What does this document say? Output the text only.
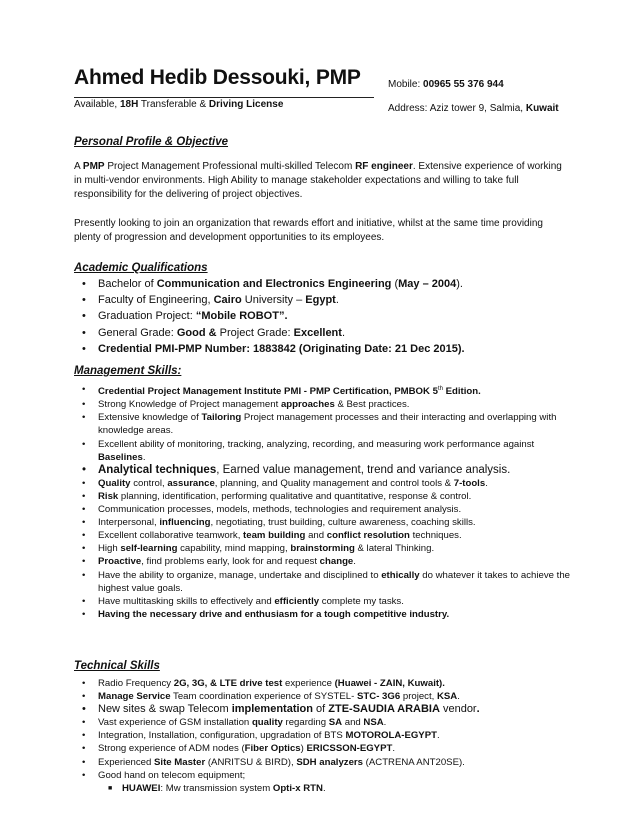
Ahmed Hedib Dessouki, PMP
Available, 18H Transferable & Driving License
Mobile: 00965 55 376 944
Address: Aziz tower 9, Salmia, Kuwait
Personal Profile & Objective

A PMP Project Management Professional multi-skilled Telecom RF engineer. Extensive experience of working in multi-vendor environments. High Ability to manage stakeholder expectations and willing to take full responsibility for the delivering of project objectives.

Presently looking to join an organization that rewards effort and initiative, whilst at the same time providing plenty of progression and development opportunities to its employees.

Academic Qualifications
• Bachelor of Communication and Electronics Engineering (May – 2004).
• Faculty of Engineering, Cairo University – Egypt.
• Graduation Project: “Mobile ROBOT”.
• General Grade: Good & Project Grade: Excellent.
• Credential PMI-PMP Number: 1883842 (Originating Date: 21 Dec 2015).
Management Skills:
• Credential Project Management Institute PMI - PMP Certification, PMBOK 5th Edition.
• Strong Knowledge of Project management approaches & Best practices.
• Extensive knowledge of Tailoring Project management processes and their interacting and overlapping with knowledge areas.
• Excellent ability of monitoring, tracking, analyzing, recording, and measuring work performance against Baselines.
• Analytical techniques, Earned value management, trend and variance analysis.
• Quality control, assurance, planning, and Quality management and control tools & 7-tools.
• Risk planning, identification, performing qualitative and quantitative, response & control.
• Communication processes, models, methods, technologies and requirement analysis.
• Interpersonal, influencing, negotiating, trust building, culture awareness, coaching skills.
• Excellent collaborative teamwork, team building and conflict resolution techniques.
• High self-learning capability, mind mapping, brainstorming & lateral Thinking.
• Proactive, find problems early, look for and request change.
• Have the ability to organize, manage, undertake and disciplined to ethically do whatever it takes to achieve the highest value goals.
• Have multitasking skills to effectively and efficiently complete my tasks.
• Having the necessary drive and enthusiasm for a tough competitive industry.
Technical Skills
• Radio Frequency 2G, 3G, & LTE drive test experience (Huawei - ZAIN, Kuwait).
• Manage Service Team coordination experience of SYSTEL- STC- 3G6 project, KSA.
• New sites & swap Telecom implementation of ZTE-SAUDIA ARABIA vendor.
• Vast experience of GSM installation quality regarding SA and NSA.
• Integration, Installation, configuration, upgradation of BTS MOTOROLA-EGYPT.
• Strong experience of ADM nodes (Fiber Optics) ERICSSON-EGYPT.
• Experienced Site Master (ANRITSU & BIRD), SDH analyzers (ACTRENA ANT20SE).
• Good hand on telecom equipment;
■ HUAWEI: Mw transmission system Opti-x RTN.
